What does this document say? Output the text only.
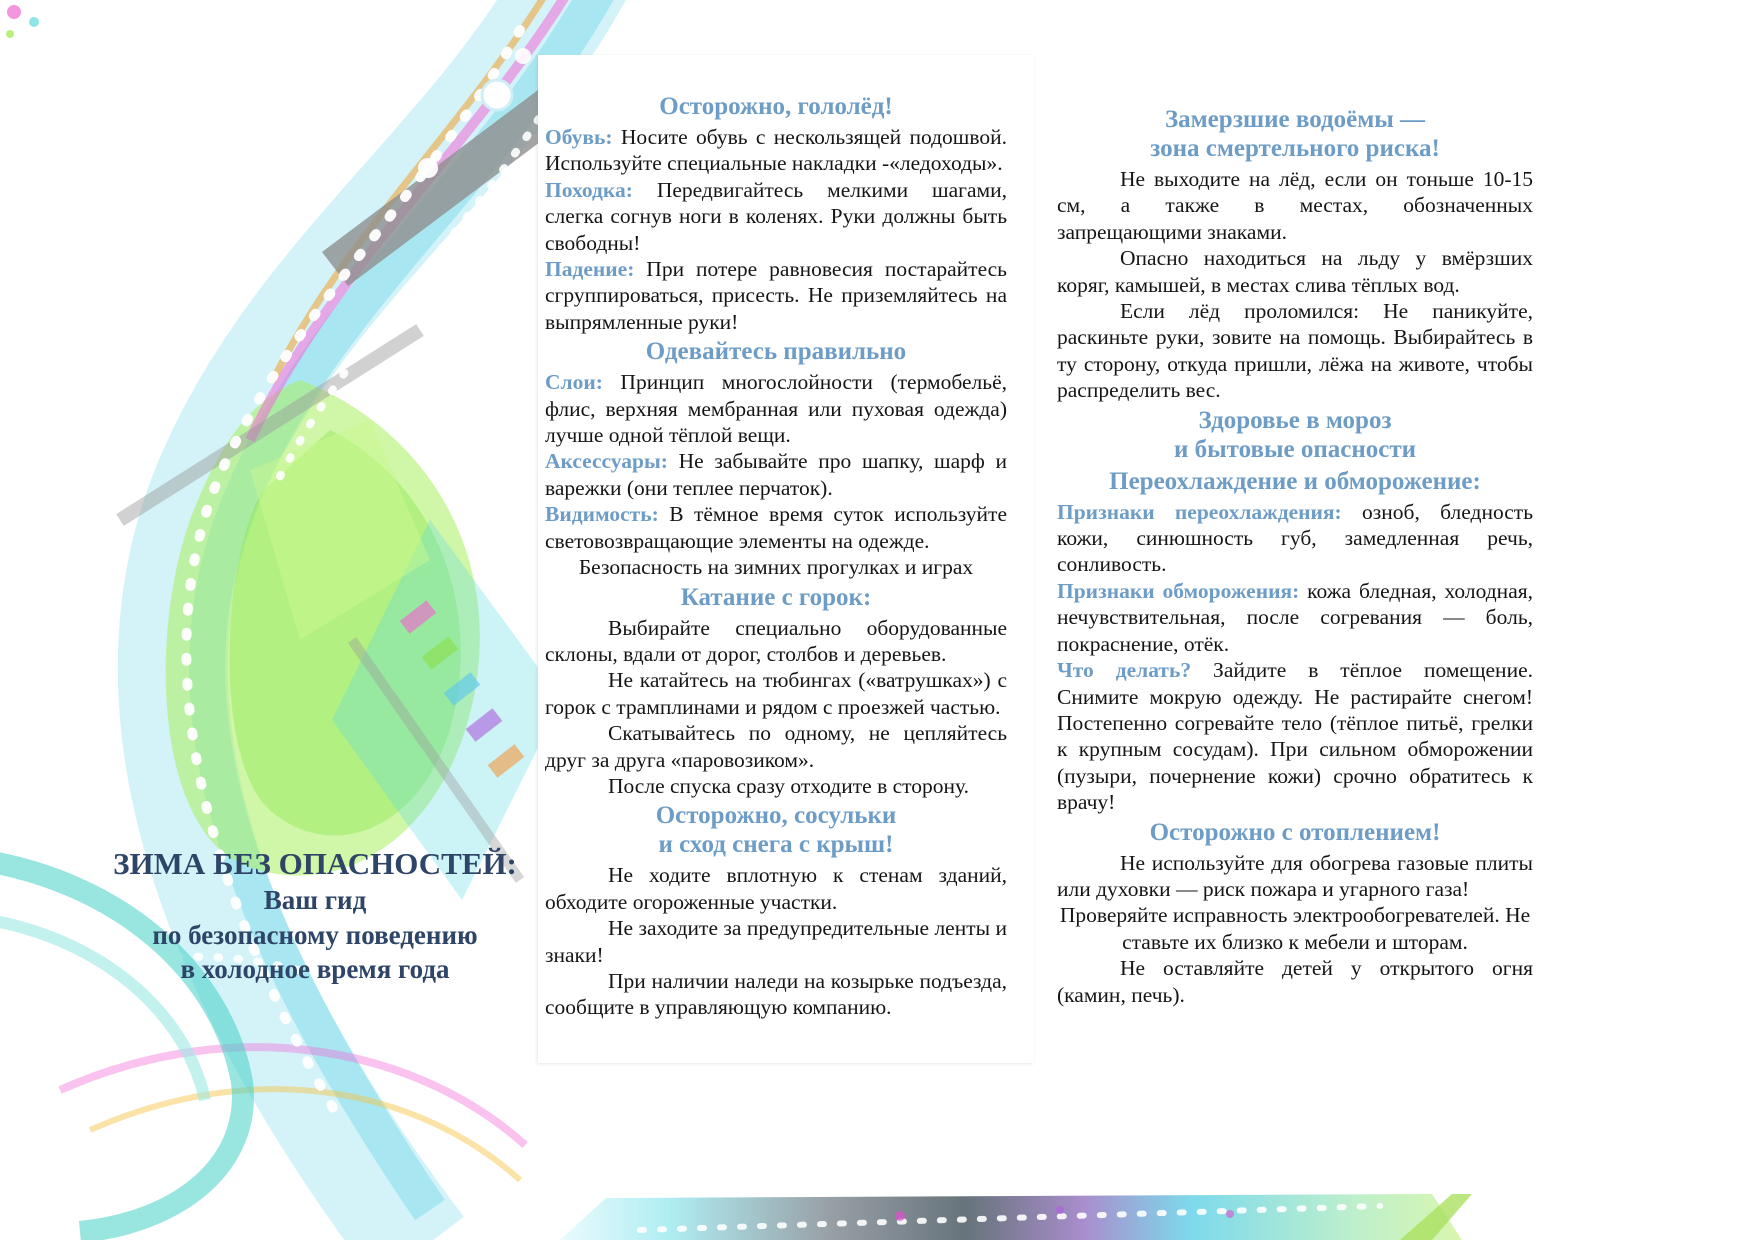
ЗИМА БЕЗ ОПАСНОСТЕЙ:
Ваш гид
по безопасному поведению
в холодное время года
Осторожно, гололёд!

Обувь: Носите обувь с нескользящей подошвой. Используйте специальные накладки -«ледоходы».

Походка: Передвигайтесь мелкими шагами, слегка согнув ноги в коленях. Руки должны быть свободны!

Падение: При потере равновесия постарайтесь сгруппироваться, присесть. Не приземляйтесь на выпрямленные руки!

Одевайтесь правильно

Слои: Принцип многослойности (термобельё, флис, верхняя мембранная или пуховая одежда) лучше одной тёплой вещи.

Аксессуары: Не забывайте про шапку, шарф и варежки (они теплее перчаток).

Видимость: В тёмное время суток используйте световозвращающие элементы на одежде.

Безопасность на зимних прогулках и играх

Катание с горок:

Выбирайте специально оборудованные склоны, вдали от дорог, столбов и деревьев.

Не катайтесь на тюбингах («ватрушках») с горок с трамплинами и рядом с проезжей частью.

Скатывайтесь по одному, не цепляйтесь друг за друга «паровозиком».

После спуска сразу отходите в сторону.

Осторожно, сосульки
и сход снега с крыш!

Не ходите вплотную к стенам зданий, обходите огороженные участки.

Не заходите за предупредительные ленты и знаки!

При наличии наледи на козырьке подъезда, сообщите в управляющую компанию.

Замерзшие водоёмы —
зона смертельного риска!

Не выходите на лёд, если он тоньше 10-15 см, а также в местах, обозначенных запрещающими знаками.

Опасно находиться на льду у вмёрзших коряг, камышей, в местах слива тёплых вод.

Если лёд проломился: Не паникуйте, раскиньте руки, зовите на помощь. Выбирайтесь в ту сторону, откуда пришли, лёжа на животе, чтобы распределить вес.

Здоровье в мороз
и бытовые опасности
Переохлаждение и обморожение:

Признаки переохлаждения: озноб, бледность кожи, синюшность губ, замедленная речь, сонливость.

Признаки обморожения: кожа бледная, холодная, нечувствительная, после согревания — боль, покраснение, отёк.

Что делать? Зайдите в тёплое помещение. Снимите мокрую одежду. Не растирайте снегом! Постепенно согревайте тело (тёплое питьё, грелки к крупным сосудам). При сильном обморожении (пузыри, почернение кожи) срочно обратитесь к врачу!

Осторожно с отоплением!

Не используйте для обогрева газовые плиты или духовки — риск пожара и угарного газа!

Проверяйте исправность электрообогревателей. Не ставьте их близко к мебели и шторам.

Не оставляйте детей у открытого огня (камин, печь).
